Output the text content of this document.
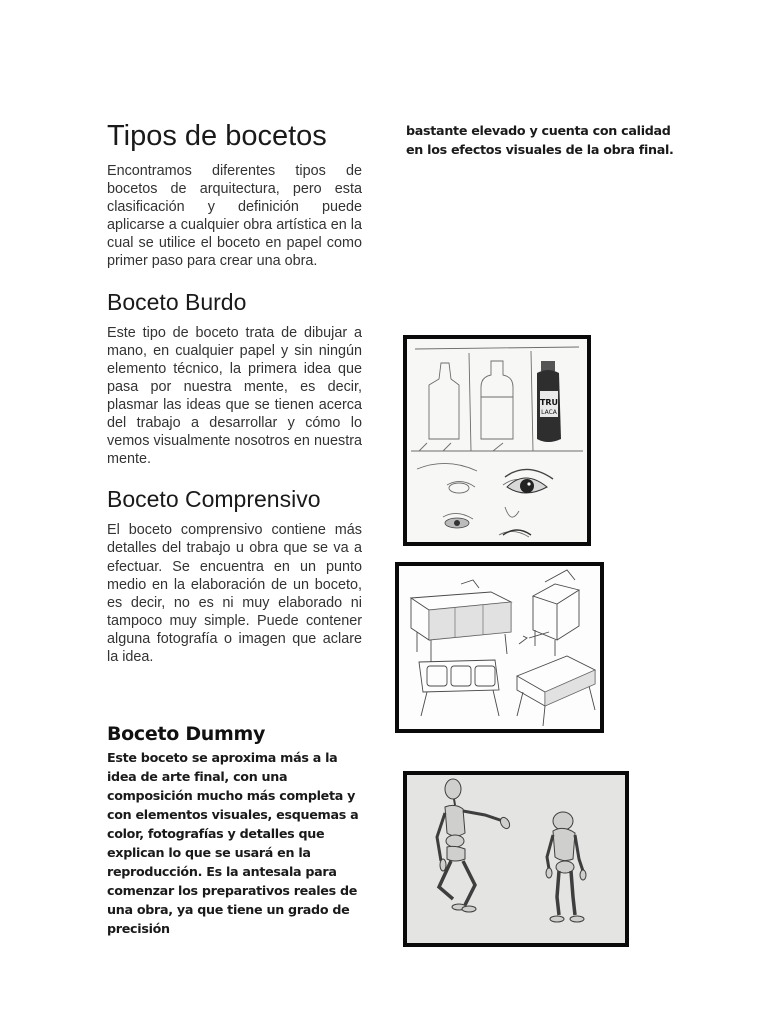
Tipos de bocetos

Encontramos diferentes tipos de bocetos de arquitectura, pero esta clasificación y definición puede aplicarse a cualquier obra artística en la cual se utilice el boceto en papel como primer paso para crear una obra.

Boceto Burdo

Este tipo de boceto trata de dibujar a mano, en cualquier papel y sin ningún elemento técnico, la primera idea que pasa por nuestra mente, es decir, plasmar las ideas que se tienen acerca del trabajo a desarrollar y cómo lo vemos visualmente nosotros en nuestra mente.

Boceto Comprensivo

El boceto comprensivo contiene más detalles del trabajo u obra que se va a efectuar. Se encuentra en un punto medio en la elaboración de un boceto, es decir, no es ni muy elaborado ni tampoco muy simple. Puede contener alguna fotografía o imagen que aclare la idea.

Boceto Dummy

Este boceto se aproxima más a la idea de arte final, con una composición mucho más completa y con elementos visuales, esquemas a color, fotografías y detalles que explican lo que se usará en la reproducción. Es la antesala para comenzar los preparativos reales de una obra, ya que tiene un grado de precisión

bastante elevado y cuenta con calidad en los efectos visuales de la obra final.
TRU
LACA
